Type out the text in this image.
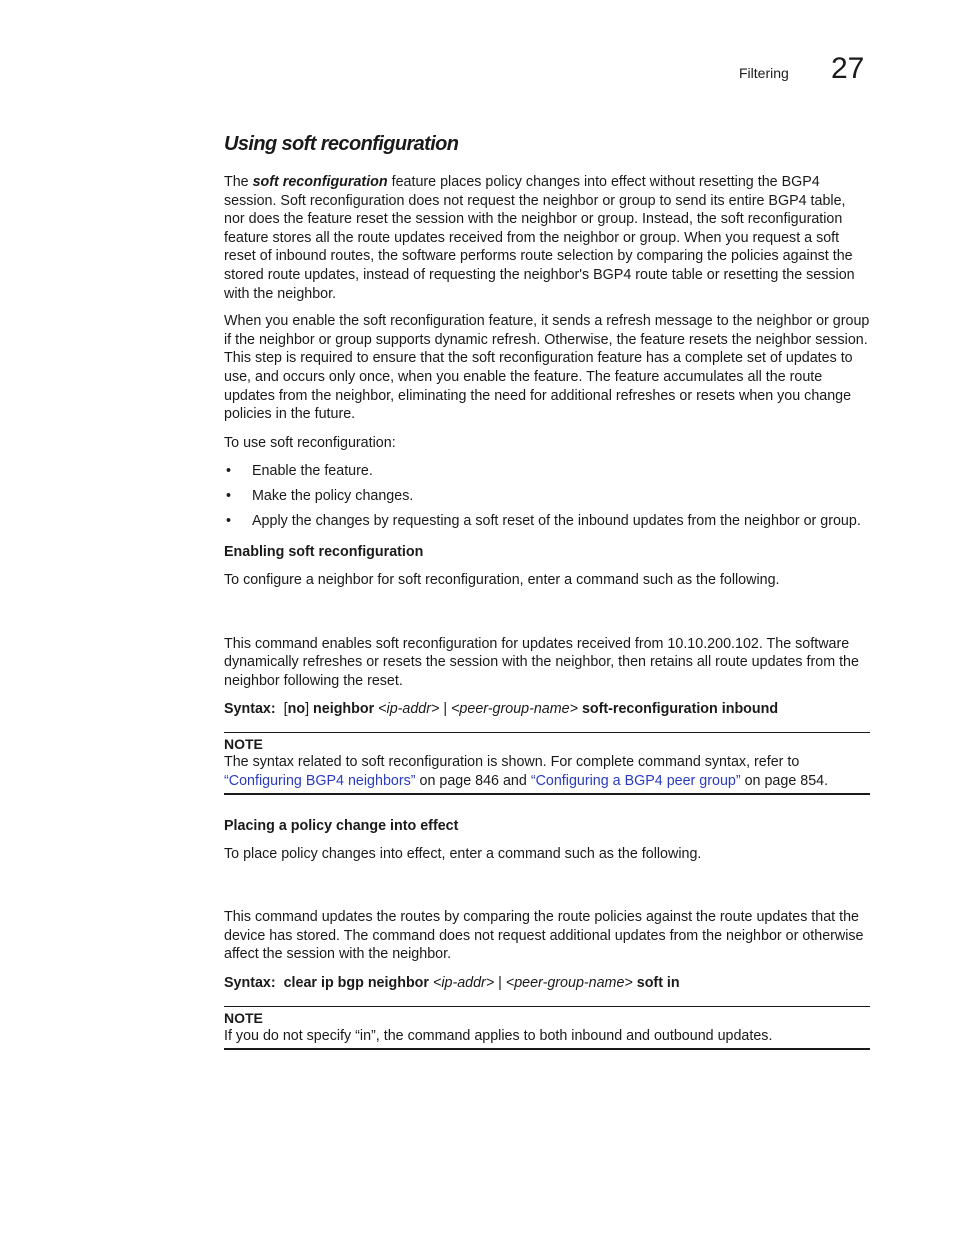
Filtering 27
Using soft reconfiguration

The soft reconfiguration feature places policy changes into effect without resetting the BGP4 session. Soft reconfiguration does not request the neighbor or group to send its entire BGP4 table, nor does the feature reset the session with the neighbor or group. Instead, the soft reconfiguration feature stores all the route updates received from the neighbor or group. When you request a soft reset of inbound routes, the software performs route selection by comparing the policies against the stored route updates, instead of requesting the neighbor's BGP4 route table or resetting the session with the neighbor.

When you enable the soft reconfiguration feature, it sends a refresh message to the neighbor or group if the neighbor or group supports dynamic refresh. Otherwise, the feature resets the neighbor session. This step is required to ensure that the soft reconfiguration feature has a complete set of updates to use, and occurs only once, when you enable the feature. The feature accumulates all the route updates from the neighbor, eliminating the need for additional refreshes or resets when you change policies in the future.

To use soft reconfiguration:

• Enable the feature.
• Make the policy changes.
• Apply the changes by requesting a soft reset of the inbound updates from the neighbor or group.
Enabling soft reconfiguration

To configure a neighbor for soft reconfiguration, enter a command such as the following.

This command enables soft reconfiguration for updates received from 10.10.200.102. The software dynamically refreshes or resets the session with the neighbor, then retains all route updates from the neighbor following the reset.

Syntax: [no] neighbor <ip-addr> | <peer-group-name> soft-reconfiguration inbound
NOTE

The syntax related to soft reconfiguration is shown. For complete command syntax, refer to “Configuring BGP4 neighbors” on page 846 and “Configuring a BGP4 peer group” on page 854.

Placing a policy change into effect

To place policy changes into effect, enter a command such as the following.

This command updates the routes by comparing the route policies against the route updates that the device has stored. The command does not request additional updates from the neighbor or otherwise affect the session with the neighbor.

Syntax: clear ip bgp neighbor <ip-addr> | <peer-group-name> soft in
NOTE

If you do not specify “in”, the command applies to both inbound and outbound updates.
